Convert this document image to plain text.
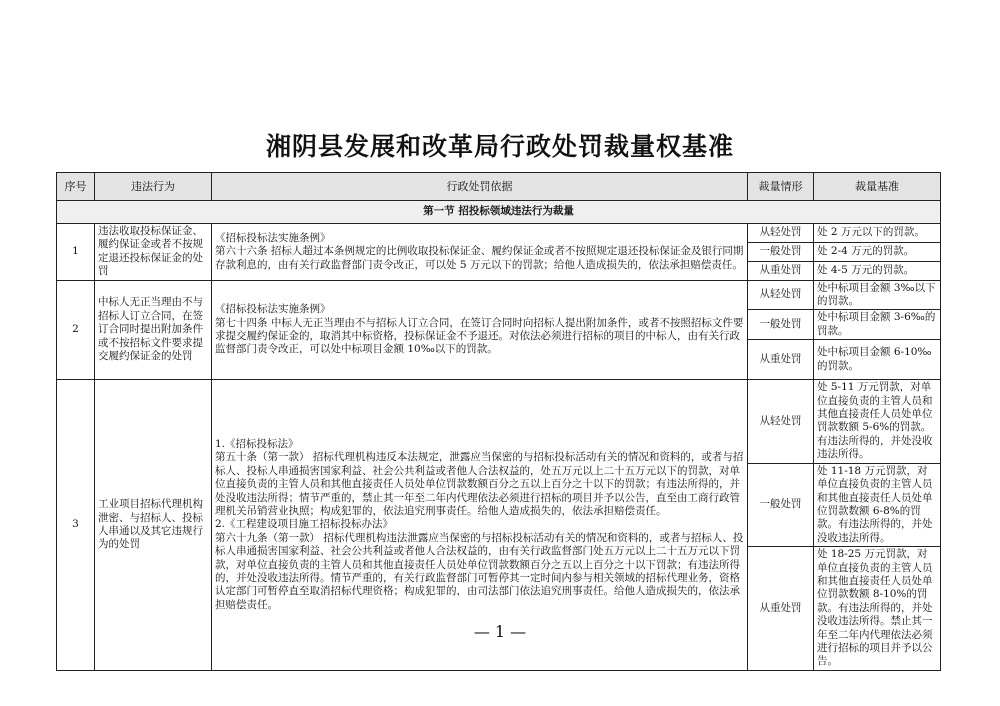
湘阴县发展和改革局行政处罚裁量权基准
序号	违法行为	行政处罚依据	裁量情形	裁量基准
第一节 招投标领域违法行为裁量				
1	违法收取投标保证金、履约保证金或者不按规定退还投标保证金的处罚	《招标投标法实施条例》
第六十六条 招标人超过本条例规定的比例收取投标保证金、履约保证金或者不按照规定退还投标保证金及银行同期存款利息的，由有关行政监督部门责令改正，可以处 5 万元以下的罚款；给他人造成损失的，依法承担赔偿责任。	从轻处罚	处 2 万元以下的罚款。
			一般处罚	处 2-4 万元的罚款。
			从重处罚	处 4-5 万元的罚款。
2	中标人无正当理由不与招标人订立合同，在签订合同时提出附加条件或不按招标文件要求提交履约保证金的处罚	《招标投标法实施条例》
第七十四条 中标人无正当理由不与招标人订立合同，在签订合同时向招标人提出附加条件，或者不按照招标文件要求提交履约保证金的，取消其中标资格，投标保证金不予退还。对依法必须进行招标的项目的中标人，由有关行政监督部门责令改正，可以处中标项目金额 10‰以下的罚款。	从轻处罚	处中标项目金额 3‰以下的罚款。
			一般处罚	处中标项目金额 3-6‰的罚款。
			从重处罚	处中标项目金额 6-10‰的罚款。
3	工业项目招标代理机构泄密、与招标人、投标人串通以及其它违规行为的处罚	1.《招标投标法》
第五十条（第一款） 招标代理机构违反本法规定，泄露应当保密的与招标投标活动有关的情况和资料的，或者与招标人、投标人串通损害国家利益、社会公共利益或者他人合法权益的，处五万元以上二十五万元以下的罚款，对单位直接负责的主管人员和其他直接责任人员处单位罚款数额百分之五以上百分之十以下的罚款；有违法所得的，并处没收违法所得；情节严重的，禁止其一年至二年内代理依法必须进行招标的项目并予以公告，直至由工商行政管理机关吊销营业执照；构成犯罪的，依法追究刑事责任。给他人造成损失的，依法承担赔偿责任。
2.《工程建设项目施工招标投标办法》
第六十九条（第一款） 招标代理机构违法泄露应当保密的与招标投标活动有关的情况和资料的，或者与招标人、投标人串通损害国家利益、社会公共利益或者他人合法权益的，由有关行政监督部门处五万元以上二十五万元以下罚款，对单位直接负责的主管人员和其他直接责任人员处单位罚款数额百分之五以上百分之十以下罚款；有违法所得的，并处没收违法所得。情节严重的，有关行政监督部门可暂停其一定时间内参与相关领域的招标代理业务，资格认定部门可暂停直至取消招标代理资格；构成犯罪的，由司法部门依法追究刑事责任。给他人造成损失的，依法承担赔偿责任。	从轻处罚	处 5-11 万元罚款，对单位直接负责的主管人员和其他直接责任人员处单位罚款数额 5-6%的罚款。有违法所得的，并处没收违法所得。
			一般处罚	处 11-18 万元罚款，对单位直接负责的主管人员和其他直接责任人员处单位罚款数额 6-8%的罚款。有违法所得的，并处没收违法所得。
			从重处罚	处 18-25 万元罚款，对单位直接负责的主管人员和其他直接责任人员处单位罚款数额 8-10%的罚款。有违法所得的，并处没收违法所得。禁止其一年至二年内代理依法必须进行招标的项目并予以公告。
— 1 —
